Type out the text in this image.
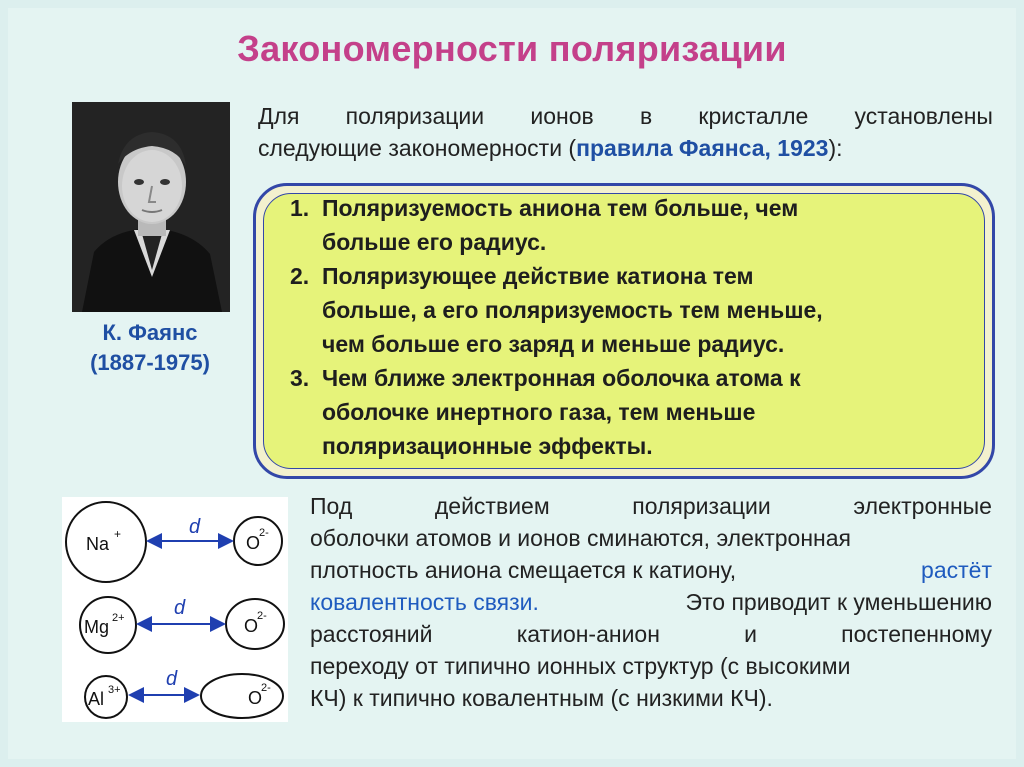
Закономерности поляризации
К. Фаянс
(1887-1975)
Для поляризации ионов в кристалле установлены
следующие закономерности (правила Фаянса, 1923):
1. Поляризуемость аниона тем больше, чем
больше его радиус.
2. Поляризующее действие катиона тем
больше, а его поляризуемость тем меньше,
чем больше его заряд и меньше радиус.
3. Чем ближе электронная оболочка атома к
оболочке инертного газа, тем меньше
поляризационные эффекты.
Na +	O
2-
d
Mg 2+	O
2-
d
Al 3+	O
2-
d
Под	действием	поляризации	электронные
оболочки атомов и ионов сминаются, электронная
плотность аниона смещается к катиону,	растёт
ковалентность связи.	Это приводит к уменьшению
расстояний	катион-анион	и	постепенному
переходу от типично ионных структур (с высокими
КЧ) к типично ковалентным (с низкими КЧ).
